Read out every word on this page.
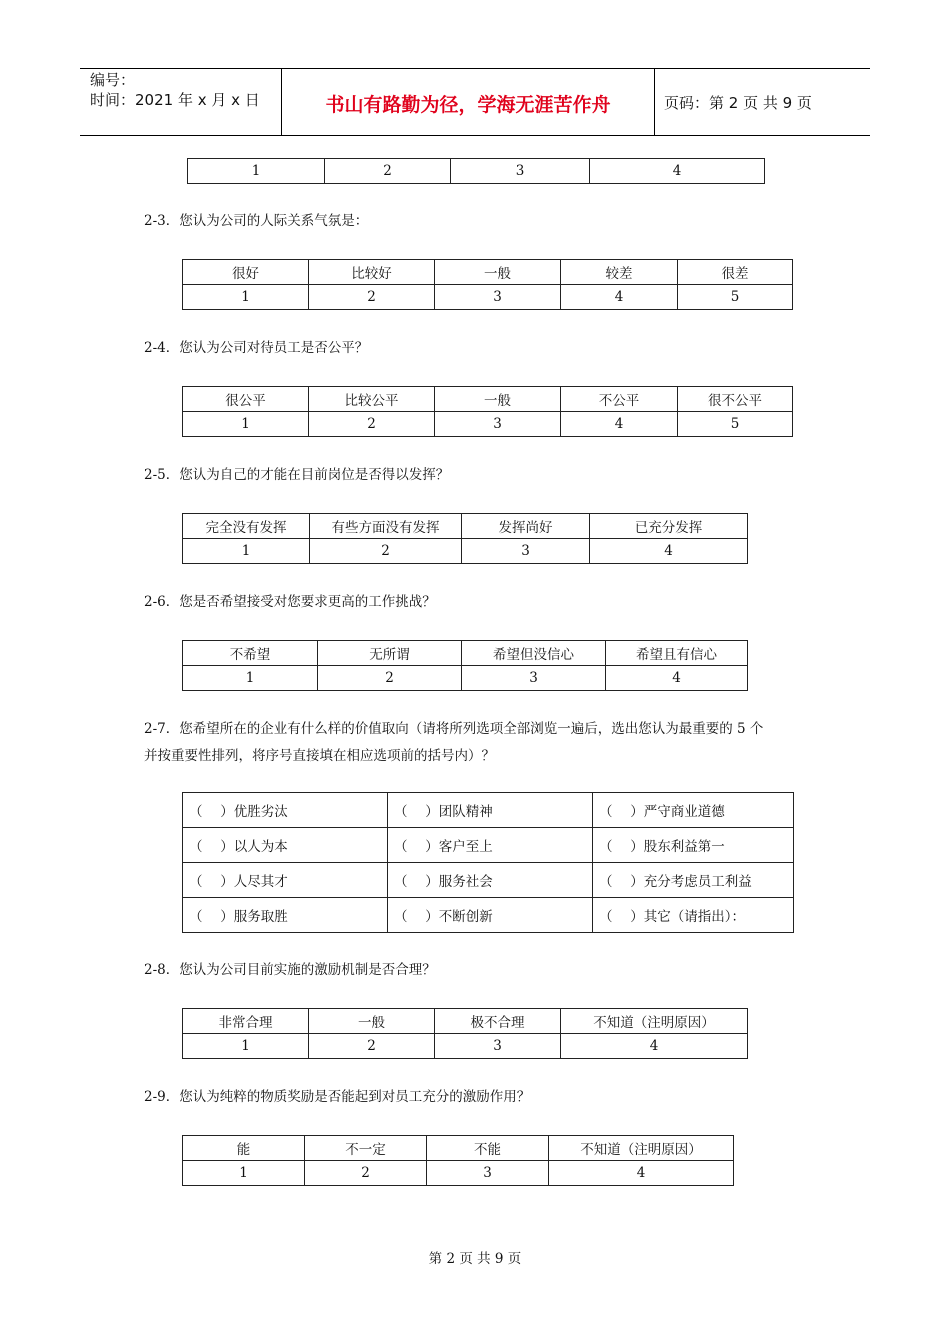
编号：
时间：2021 年 x 月 x 日	书山有路勤为径，学海无涯苦作舟	页码：第 2 页 共 9 页
1	2	3	4
2-3．您认为公司的人际关系气氛是：
很好	比较好	一般	较差	很差
1	2	3	4	5
2-4．您认为公司对待员工是否公平？
很公平	比较公平	一般	不公平	很不公平
1	2	3	4	5
2-5．您认为自己的才能在目前岗位是否得以发挥？
完全没有发挥	有些方面没有发挥	发挥尚好	已充分发挥
1	2	3	4
2-6．您是否希望接受对您要求更高的工作挑战？
不希望	无所谓	希望但没信心	希望且有信心
1	2	3	4
2-7．您希望所在的企业有什么样的价值取向（请将所列选项全部浏览一遍后，选出您认为最重要的 5 个
并按重要性排列，将序号直接填在相应选项前的括号内）？
（　 ）优胜劣汰	（　 ）团队精神	（　 ）严守商业道德
（　 ）以人为本	（　 ）客户至上	（　 ）股东利益第一
（　 ）人尽其才	（　 ）服务社会	（　 ）充分考虑员工利益
（　 ）服务取胜	（　 ）不断创新	（　 ）其它（请指出）：
2-8．您认为公司目前实施的激励机制是否合理？
非常合理	一般	极不合理	不知道（注明原因）
1	2	3	4
2-9．您认为纯粹的物质奖励是否能起到对员工充分的激励作用？
能	不一定	不能	不知道（注明原因）
1	2	3	4
第 2 页 共 9 页
